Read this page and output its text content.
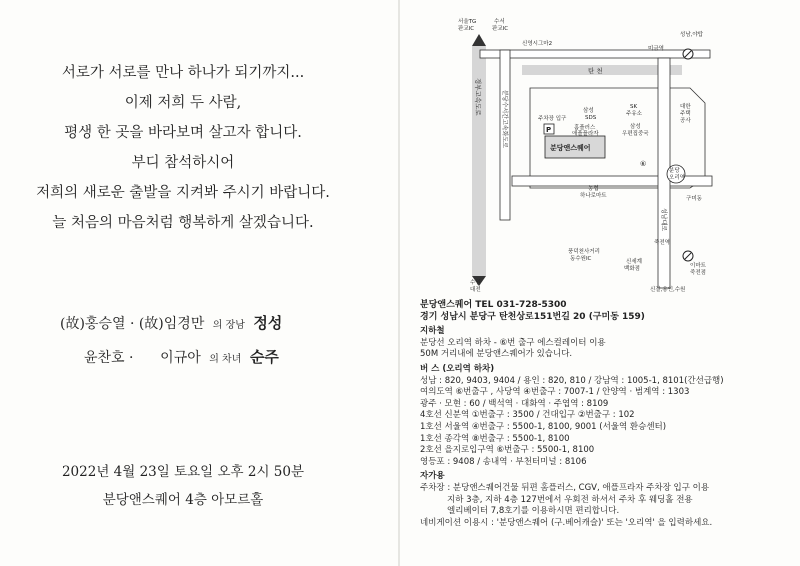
서로가 서로를 만나 하나가 되기까지...
이제 저희 두 사람,
평생 한 곳을 바라보며 살고자 합니다.
부디 참석하시어
저희의 새로운 출발을 지켜봐 주시기 바랍니다.
늘 처음의 마음처럼 행복하게 살겠습니다.
(故)홍승열 · (故)임경만 의 장남 정성
윤찬호 ·      이규아 의 차녀 순주
2022년 4월 23일 토요일 오후 2시 50분
분당앤스퀘어 4층 아모르홀
경부고속도로
탄 천
분당수서간고속화도로
성남대로
분당앤스퀘어
P
분당
오리역
⑥
서울TG
판교IC
수서
판교IC
신영시그마2
미금역
성남,야탑
주차장 입구
삼성
SDS
홈플러스
애플플라자
SK
주유소
삼성
우편집중국
대한
주택
공사
농협
하나로마트	구미동
죽전역
풍덕천사거리
동수원IC	신세계
백화점	이마트
죽전점
수원
대전	신갈,용인,수원
분당앤스퀘어 TEL 031-728-5300
경기 성남시 분당구 탄천상로151번길 20 (구미동 159)
지하철
분당선 오리역 하차 - ⑥번 출구 에스컬레이터 이용
50M 거리내에 분당앤스퀘어가 있습니다.
버 스 (오리역 하차)
성남 : 820, 9403, 9404 / 용인 : 820, 810 / 강남역 : 1005-1, 8101(간선급행)
여의도역 ⑥번출구 , 사당역 ④번출구 : 7007-1 / 안양역 · 범계역 : 1303
광주 · 모현 : 60 / 백석역 · 대화역 · 주엽역 : 8109
4호선 신분역 ①번출구 : 3500 / 건대입구 ②번출구 : 102
1호선 서울역 ④번출구 : 5500-1, 8100, 9001 (서울역 환승센터)
1호선 종각역 ⑧번출구 : 5500-1, 8100
2호선 을지로입구역 ⑥번출구 : 5500-1, 8100
영등포 : 9408 / 송내역 · 부천터미널 : 8106
자가용
주차장 : 분당앤스퀘어건물 뒤편 홈플러스, CGV, 애플프라자 주차장 입구 이용
지하 3층, 지하 4층 127번에서 우회전 하셔서 주차 후 웨딩홀 전용
엘리베이터 7,8호기를 이용하시면 편리합니다.
네비게이션 이용시 : '분당앤스퀘어 (구.베어캐슬)' 또는 '오리역' 을 입력하세요.
